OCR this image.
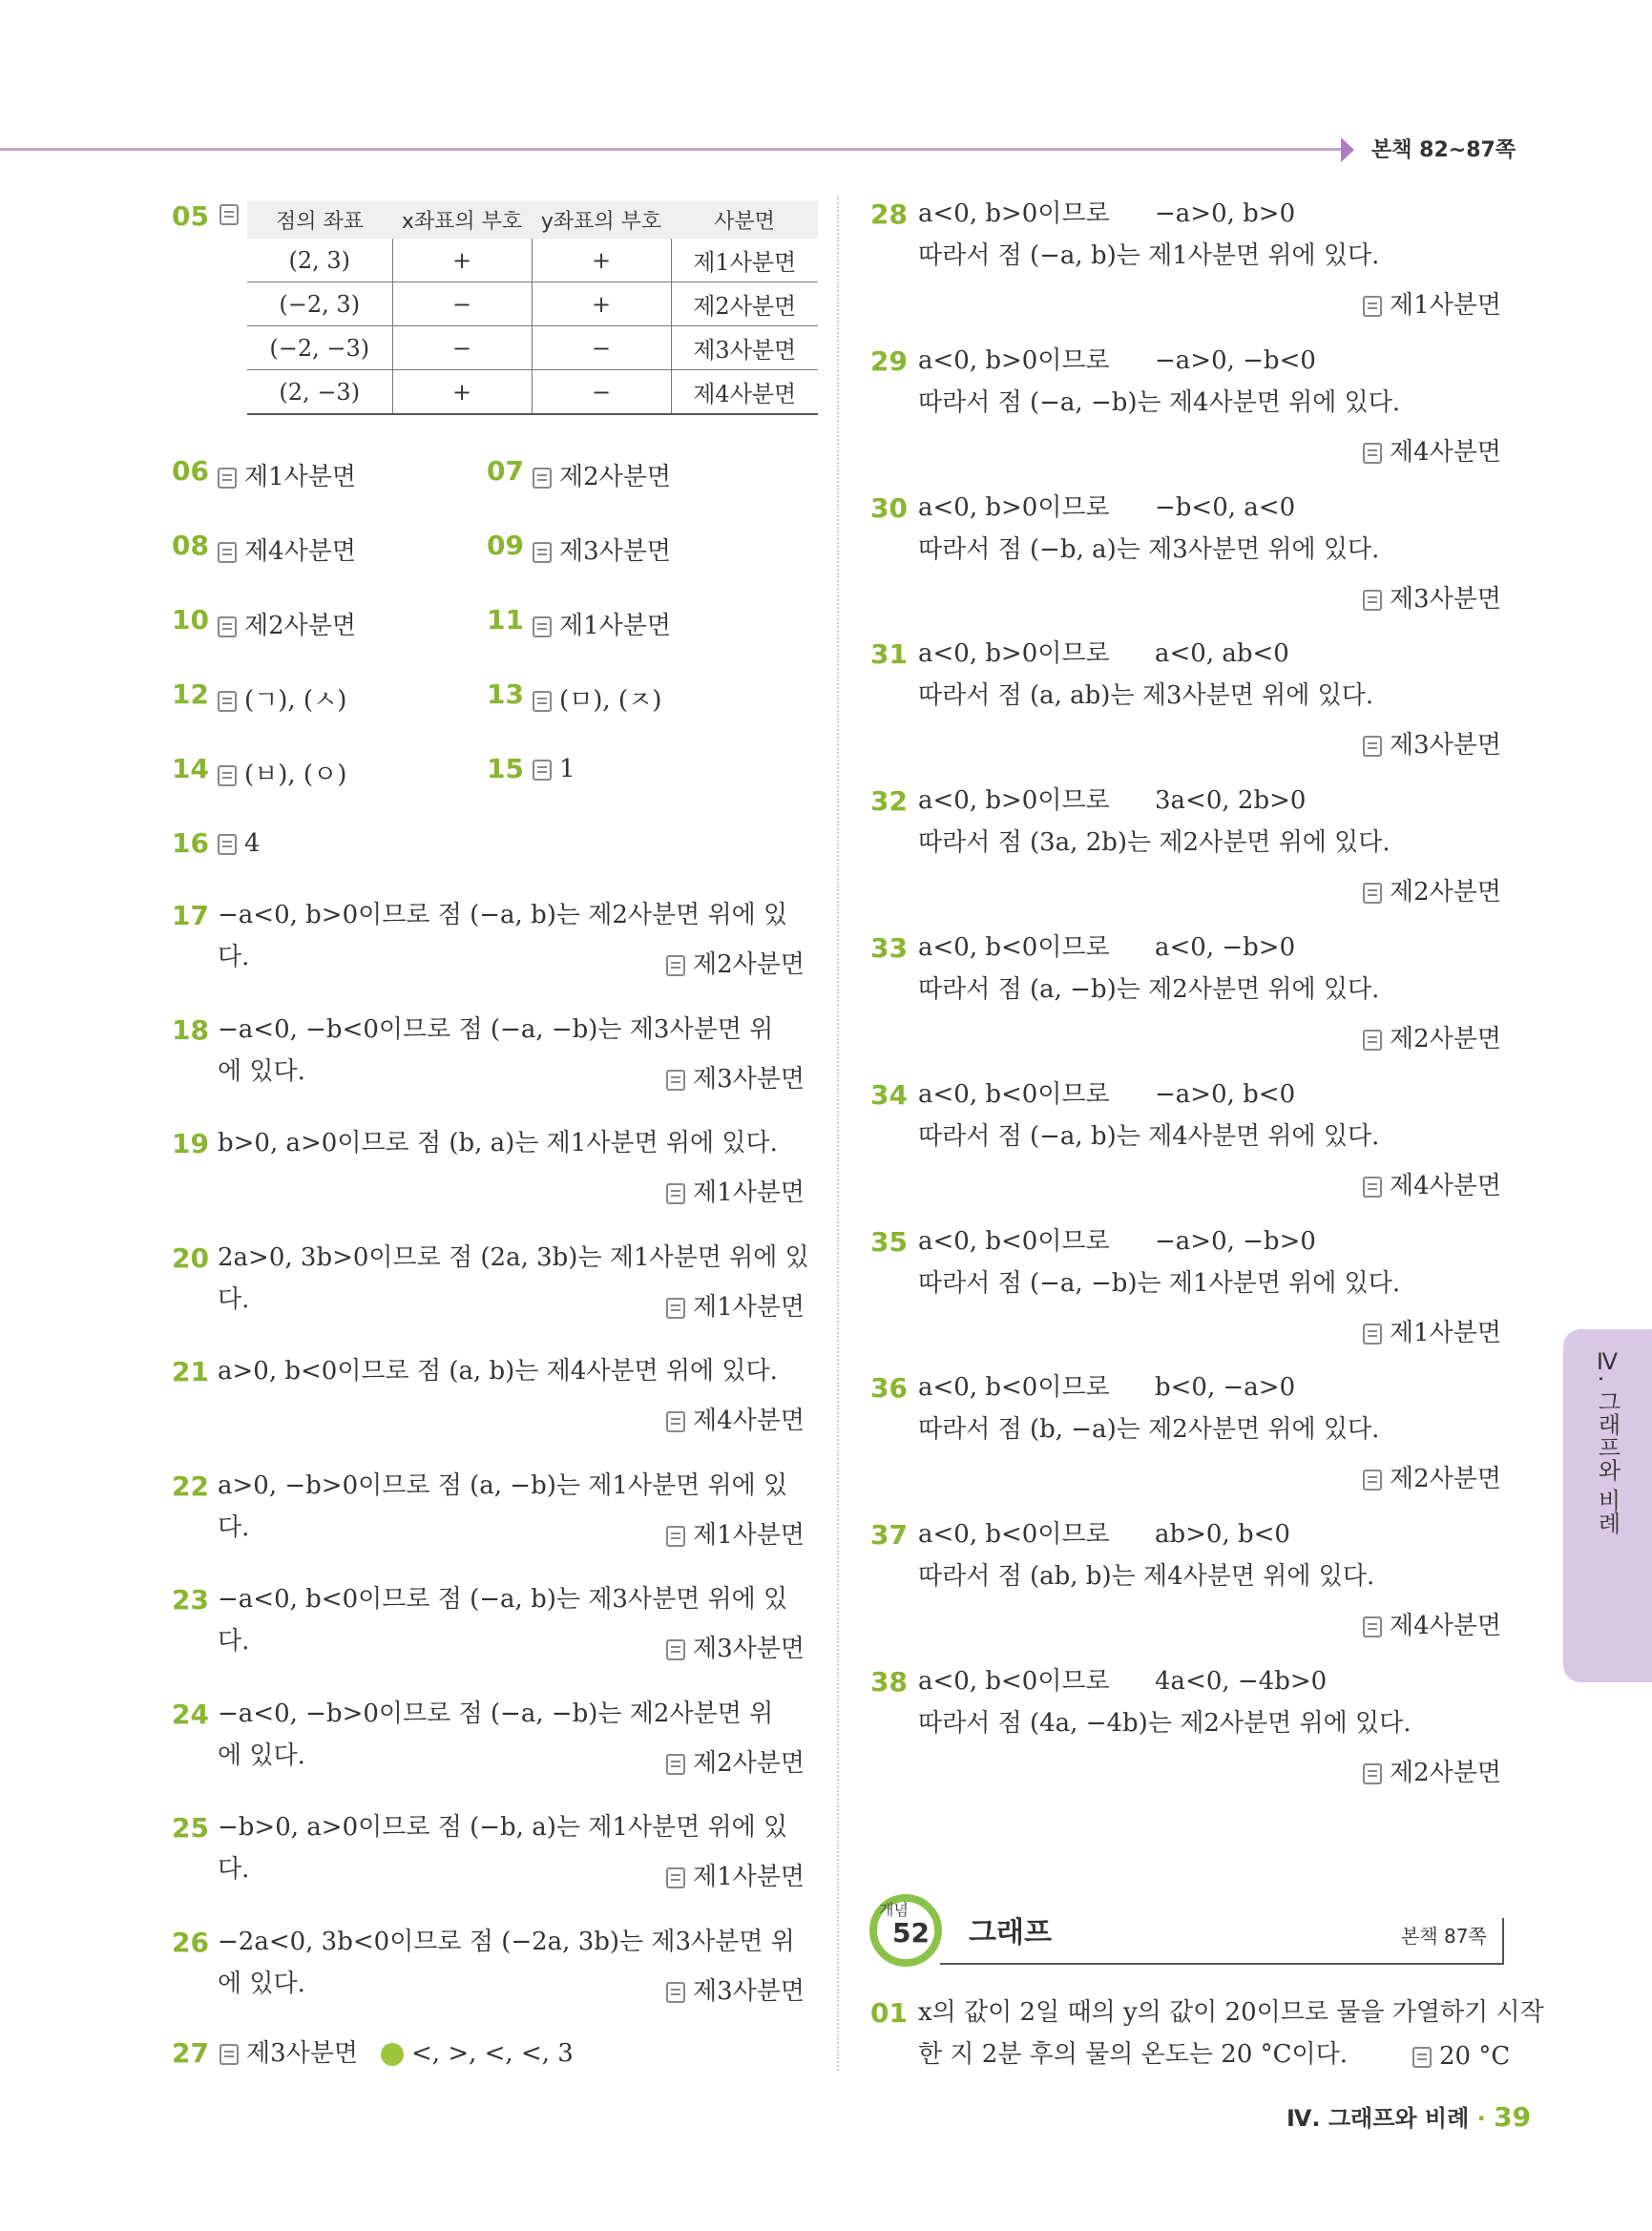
본책 82~87쪽
05	점의 좌표	x좌표의 부호	y좌표의 부호	사분면
(2, 3)	+	+	제1사분면
(−2, 3)	−	+	제2사분면
(−2, −3)	−	−	제3사분면
(2, −3)	+	−	제4사분면
06	제1사분면	07	제2사분면
08	제4사분면	09	제3사분면
10	제2사분면	11	제1사분면
12	(ㄱ), (ㅅ)	13	(ㅁ), (ㅈ)
14	(ㅂ), (ㅇ)	15	1
16	4
17 −a<0, b>0이므로 점 (−a, b)는 제2사분면 위에 있
다.	제2사분면
18 −a<0, −b<0이므로 점 (−a, −b)는 제3사분면 위
에 있다.	제3사분면
19 b>0, a>0이므로 점 (b, a)는 제1사분면 위에 있다.
제1사분면
20 2a>0, 3b>0이므로 점 (2a, 3b)는 제1사분면 위에 있
다.	제1사분면
21 a>0, b<0이므로 점 (a, b)는 제4사분면 위에 있다.
제4사분면
22 a>0, −b>0이므로 점 (a, −b)는 제1사분면 위에 있
다.	제1사분면
23 −a<0, b<0이므로 점 (−a, b)는 제3사분면 위에 있
다.	제3사분면
24 −a<0, −b>0이므로 점 (−a, −b)는 제2사분면 위
에 있다.	제2사분면
25 −b>0, a>0이므로 점 (−b, a)는 제1사분면 위에 있
다.	제1사분면
26 −2a<0, 3b<0이므로 점 (−2a, 3b)는 제3사분면 위
에 있다.	제3사분면
27	제3사분면 <, >, <, <, 3
28 a<0, b>0이므로 −a>0, b>0
따라서 점 (−a, b)는 제1사분면 위에 있다.
제1사분면
29 a<0, b>0이므로 −a>0, −b<0
따라서 점 (−a, −b)는 제4사분면 위에 있다.
제4사분면
30 a<0, b>0이므로 −b<0, a<0
따라서 점 (−b, a)는 제3사분면 위에 있다.
제3사분면
31 a<0, b>0이므로 a<0, ab<0
따라서 점 (a, ab)는 제3사분면 위에 있다.
제3사분면
32 a<0, b>0이므로 3a<0, 2b>0
따라서 점 (3a, 2b)는 제2사분면 위에 있다.
제2사분면
33 a<0, b<0이므로 a<0, −b>0
따라서 점 (a, −b)는 제2사분면 위에 있다.
제2사분면
34 a<0, b<0이므로 −a>0, b<0
따라서 점 (−a, b)는 제4사분면 위에 있다.
제4사분면
35 a<0, b<0이므로 −a>0, −b>0
따라서 점 (−a, −b)는 제1사분면 위에 있다.
제1사분면
36 a<0, b<0이므로 b<0, −a>0
따라서 점 (b, −a)는 제2사분면 위에 있다.
제2사분면
37 a<0, b<0이므로 ab>0, b<0
따라서 점 (ab, b)는 제4사분면 위에 있다.
제4사분면
38 a<0, b<0이므로 4a<0, −4b>0
따라서 점 (4a, −4b)는 제2사분면 위에 있다.
제2사분면
Ⅳ. 그래프와 비례
개념
52 그래프	본책 87쪽
01 x의 값이 2일 때의 y의 값이 20이므로 물을 가열하기 시작
한 지 2분 후의 물의 온도는 20 °C이다.	20 °C
Ⅳ. 그래프와 비례 · 39
